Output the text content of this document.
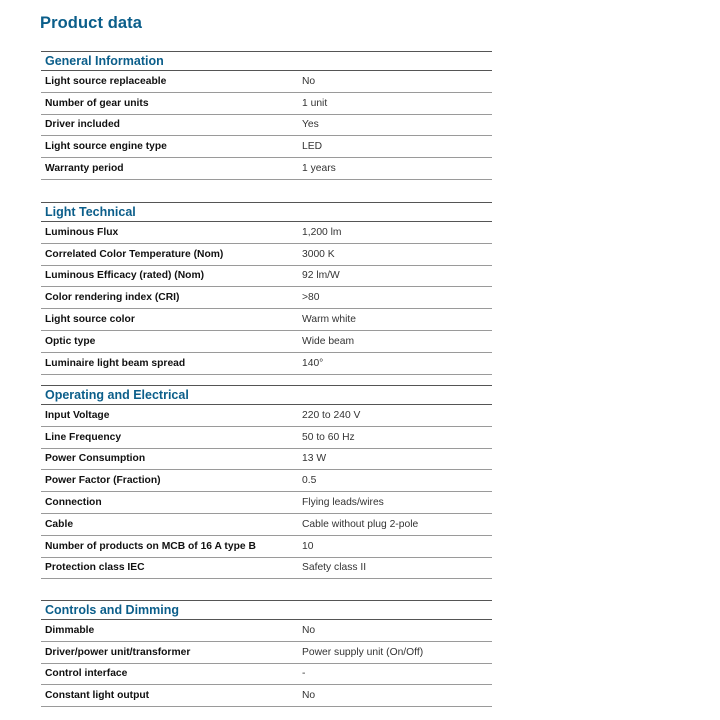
Product data
General Information
Light source replaceable	No
Number of gear units	1 unit
Driver included	Yes
Light source engine type	LED
Warranty period	1 years
Light Technical
Luminous Flux	1,200 lm
Correlated Color Temperature (Nom)	3000 K
Luminous Efficacy (rated) (Nom)	92 lm/W
Color rendering index (CRI)	>80
Light source color	Warm white
Optic type	Wide beam
Luminaire light beam spread	140°
Operating and Electrical
Input Voltage	220 to 240 V
Line Frequency	50 to 60 Hz
Power Consumption	13 W
Power Factor (Fraction)	0.5
Connection	Flying leads/wires
Cable	Cable without plug 2-pole
Number of products on MCB of 16 A type B	10
Protection class IEC	Safety class II
Controls and Dimming
Dimmable	No
Driver/power unit/transformer	Power supply unit (On/Off)
Control interface	-
Constant light output	No
